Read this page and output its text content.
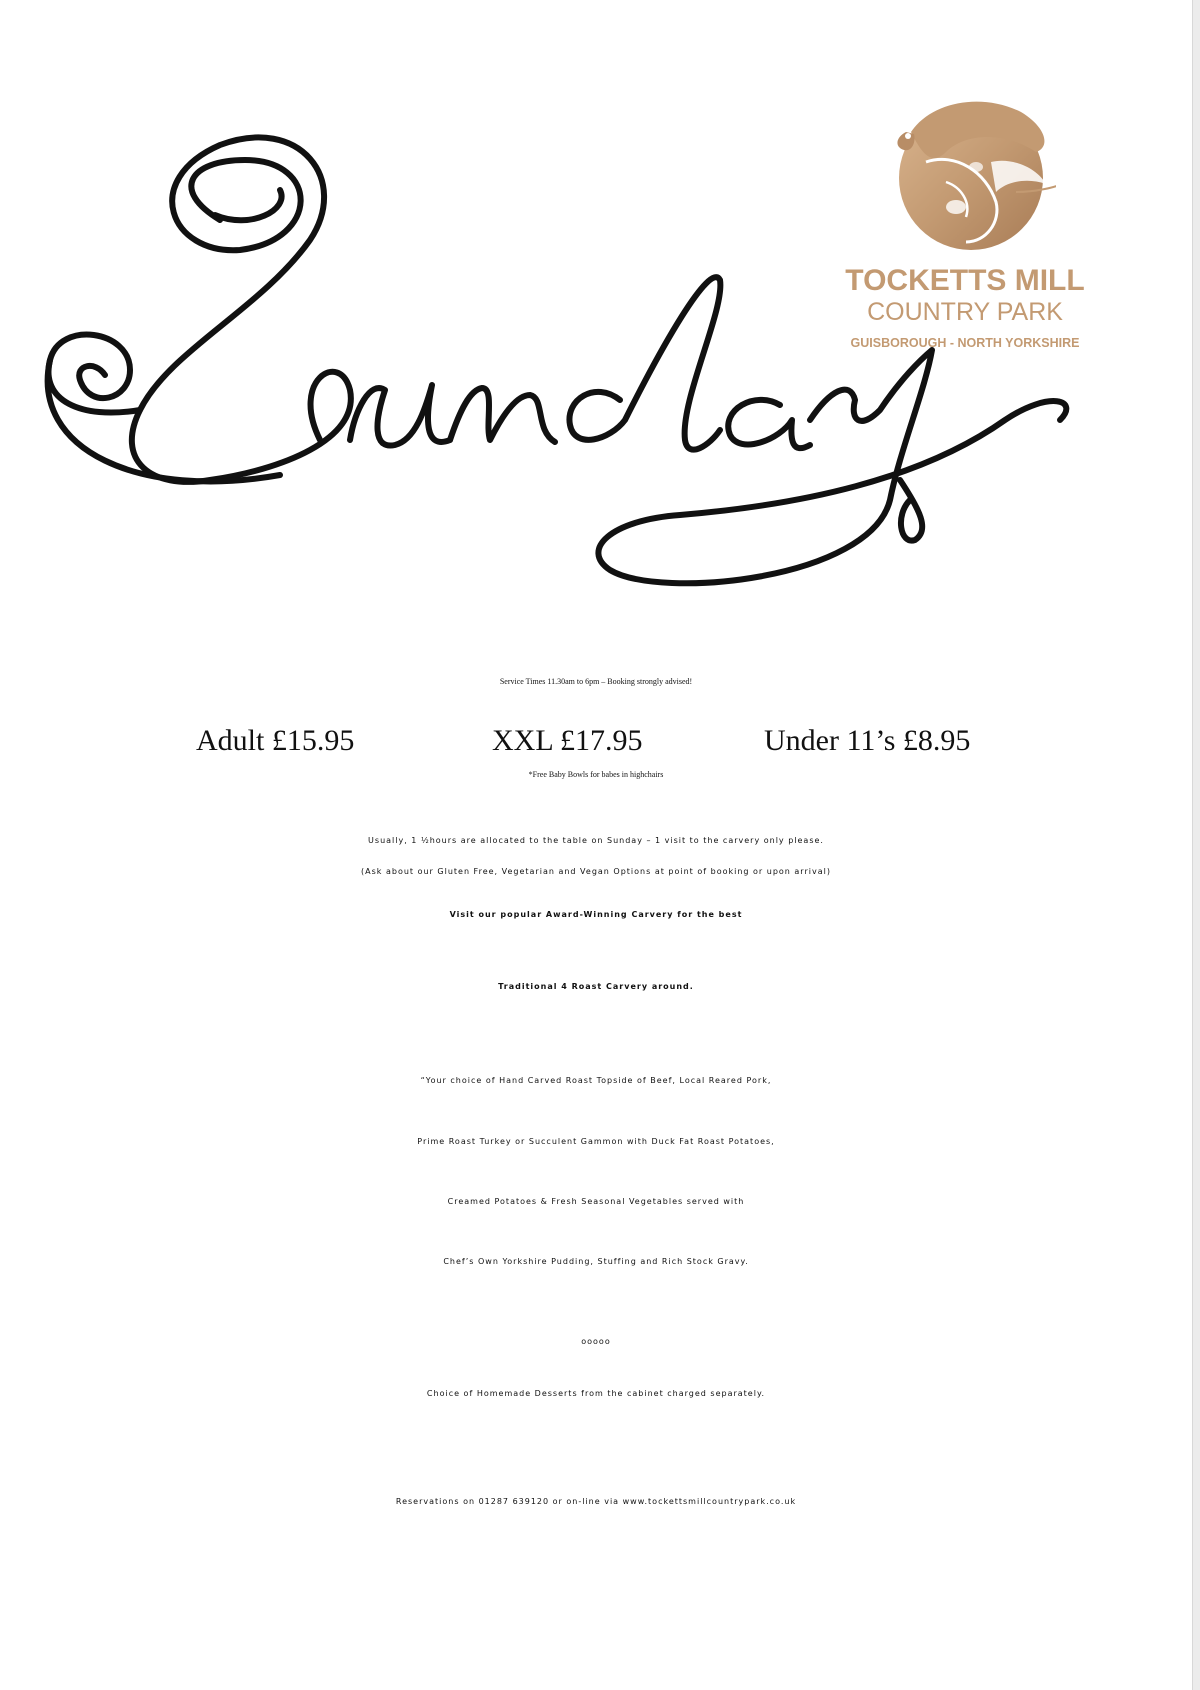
TOCKETTS MILL
COUNTRY PARK
GUISBOROUGH - NORTH YORKSHIRE
Service Times 11.30am to 6pm – Booking strongly advised!
Adult £15.95	XXL £17.95	Under 11’s £8.95
*Free Baby Bowls for babes in highchairs
Usually, 1 ½hours are allocated to the table on Sunday – 1 visit to the carvery only please.
(Ask about our Gluten Free, Vegetarian and Vegan Options at point of booking or upon arrival)
Visit our popular Award-Winning Carvery for the best
Traditional 4 Roast Carvery around.
“Your choice of Hand Carved Roast Topside of Beef, Local Reared Pork,
Prime Roast Turkey or Succulent Gammon with Duck Fat Roast Potatoes,
Creamed Potatoes & Fresh Seasonal Vegetables served with
Chef’s Own Yorkshire Pudding, Stuffing and Rich Stock Gravy.
ooooo
Choice of Homemade Desserts from the cabinet charged separately.
Reservations on 01287 639120 or on-line via www.tockettsmillcountrypark.co.uk
